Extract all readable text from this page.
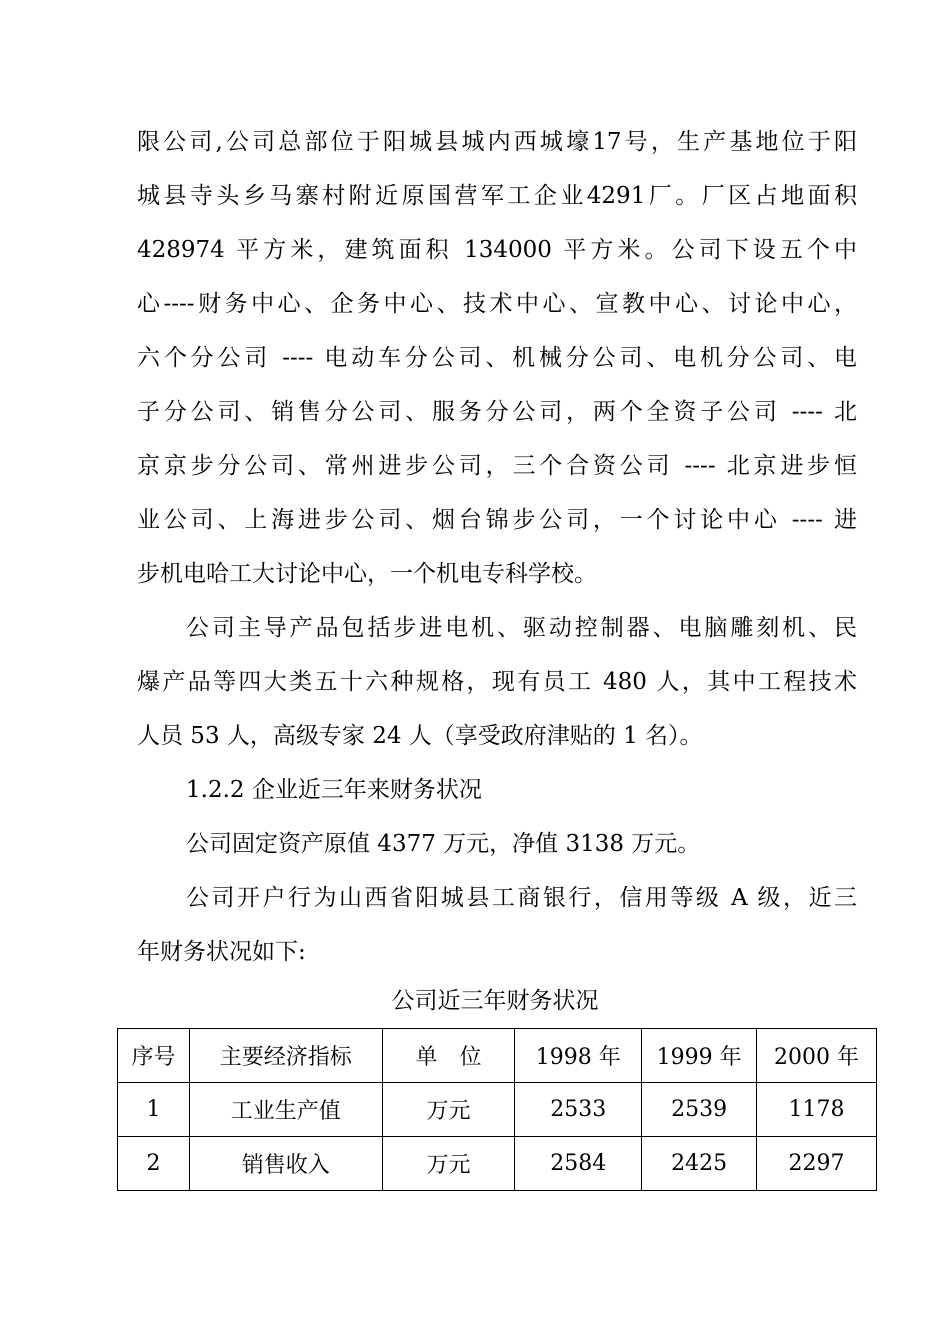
限公司,公司总部位于阳城县城内西城壕17号，生产基地位于阳
城县寺头乡马寨村附近原国营军工企业4291厂。厂区占地面积
428974 平方米，建筑面积 134000 平方米。公司下设五个中
心----财务中心、企务中心、技术中心、宣教中心、讨论中心，
六个分公司 ---- 电动车分公司、机械分公司、电机分公司、电
子分公司、销售分公司、服务分公司，两个全资子公司 ---- 北
京京步分公司、常州进步公司，三个合资公司 ---- 北京进步恒
业公司、上海进步公司、烟台锦步公司，一个讨论中心 ---- 进
步机电哈工大讨论中心，一个机电专科学校。
公司主导产品包括步进电机、驱动控制器、电脑雕刻机、民
爆产品等四大类五十六种规格，现有员工 480 人，其中工程技术
人员 53 人，高级专家 24 人（享受政府津贴的 1 名）。
1.2.2 企业近三年来财务状况
公司固定资产原值 4377 万元，净值 3138 万元。
公司开户行为山西省阳城县工商银行，信用等级 A 级，近三
年财务状况如下:
公司近三年财务状况
序号	主要经济指标	单　位	1998 年	1999 年	2000 年
1	工业生产值	万元	2533	2539	1178
2	销售收入	万元	2584	2425	2297
